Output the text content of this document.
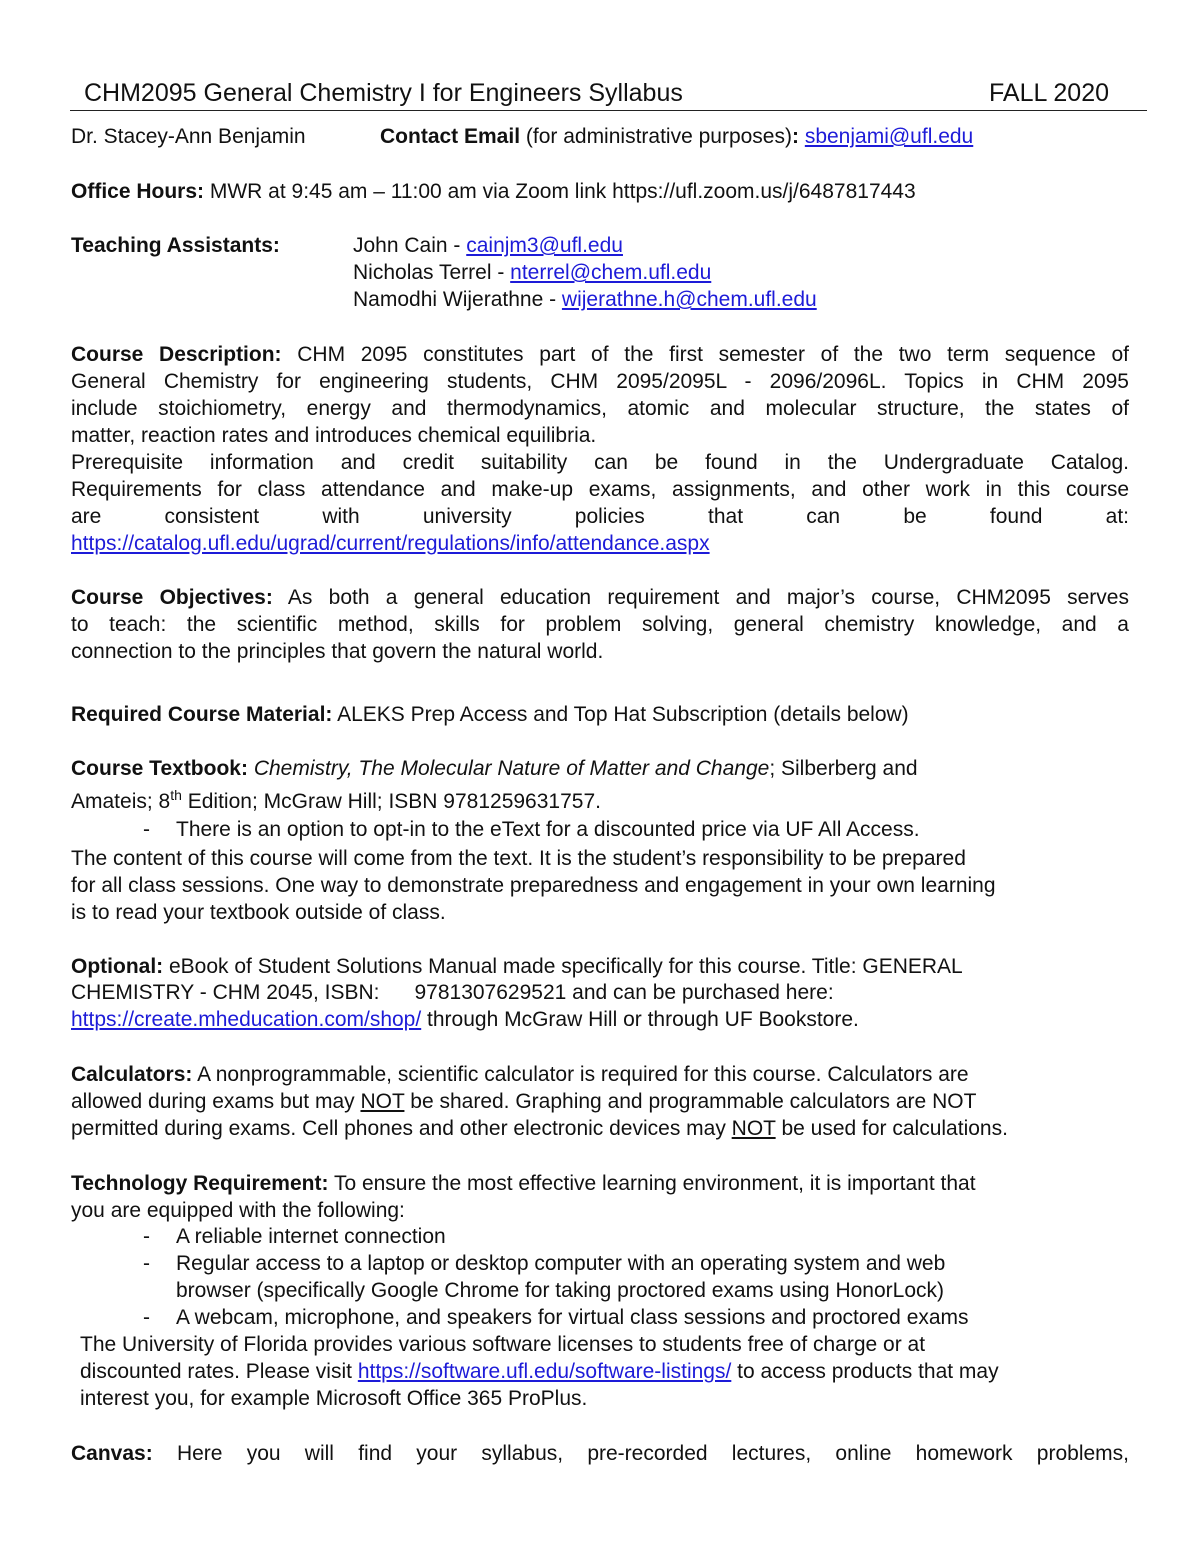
CHM2095 General Chemistry I for Engineers Syllabus	FALL 2020
Dr. Stacey-Ann Benjamin	Contact Email (for administrative purposes): sbenjami@ufl.edu
Office Hours: MWR at 9:45 am – 11:00 am via Zoom link https://ufl.zoom.us/j/6487817443
Teaching Assistants:	John Cain - cainjm3@ufl.edu
Nicholas Terrel - nterrel@chem.ufl.edu
Namodhi Wijerathne - wijerathne.h@chem.ufl.edu
Course Description: CHM 2095 constitutes part of the first semester of the two term sequence of
General Chemistry for engineering students, CHM 2095/2095L - 2096/2096L. Topics in CHM 2095
include stoichiometry, energy and thermodynamics, atomic and molecular structure, the states of
matter, reaction rates and introduces chemical equilibria.
Prerequisite information and credit suitability can be found in the Undergraduate Catalog.
Requirements for class attendance and make-up exams, assignments, and other work in this course
are consistent with university policies that can be found at:
https://catalog.ufl.edu/ugrad/current/regulations/info/attendance.aspx
Course Objectives: As both a general education requirement and major’s course, CHM2095 serves
to teach: the scientific method, skills for problem solving, general chemistry knowledge, and a
connection to the principles that govern the natural world.
Required Course Material: ALEKS Prep Access and Top Hat Subscription (details below)
Course Textbook: Chemistry, The Molecular Nature of Matter and Change; Silberberg and
Amateis; 8th Edition; McGraw Hill; ISBN 9781259631757.
- There is an option to opt-in to the eText for a discounted price via UF All Access.
The content of this course will come from the text. It is the student’s responsibility to be prepared
for all class sessions. One way to demonstrate preparedness and engagement in your own learning
is to read your textbook outside of class.
Optional: eBook of Student Solutions Manual made specifically for this course. Title: GENERAL
CHEMISTRY - CHM 2045, ISBN:      9781307629521 and can be purchased here:
https://create.mheducation.com/shop/ through McGraw Hill or through UF Bookstore.
Calculators: A nonprogrammable, scientific calculator is required for this course. Calculators are
allowed during exams but may NOT be shared. Graphing and programmable calculators are NOT
permitted during exams. Cell phones and other electronic devices may NOT be used for calculations.
Technology Requirement: To ensure the most effective learning environment, it is important that
you are equipped with the following:
- A reliable internet connection
- Regular access to a laptop or desktop computer with an operating system and web
browser (specifically Google Chrome for taking proctored exams using HonorLock)
- A webcam, microphone, and speakers for virtual class sessions and proctored exams
The University of Florida provides various software licenses to students free of charge or at
discounted rates. Please visit https://software.ufl.edu/software-listings/ to access products that may
interest you, for example Microsoft Office 365 ProPlus.
Canvas: Here you will find your syllabus, pre-recorded lectures, online homework problems,
